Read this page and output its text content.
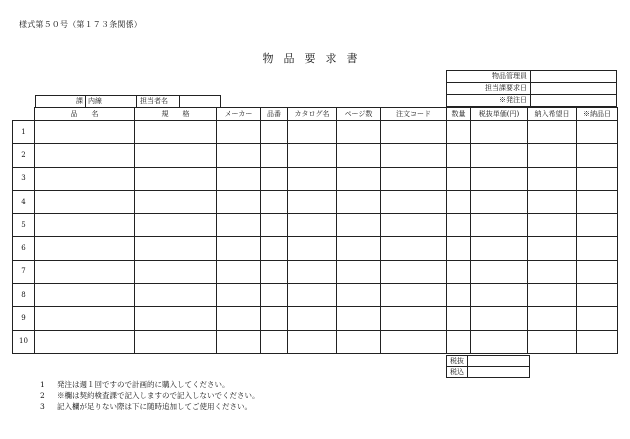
様式第５０号（第１７３条関係）
物品要求書
物品管理員	
担当課要求日	
※発注日	
課	内線	担当者名	
	品　　名	規　　格	メーカー	品番	カタログ名	ページ数	注文コード	数量	税抜単価(円)	納入希望日	※納品日
1											
2											
3											
4											
5											
6											
7											
8											
9											
10											
税抜	
税込	
1 発注は週１回ですので計画的に購入してください。
2 ※欄は契約検査課で記入しますので記入しないでください。
3 記入欄が足りない際は下に随時追加してご使用ください。
